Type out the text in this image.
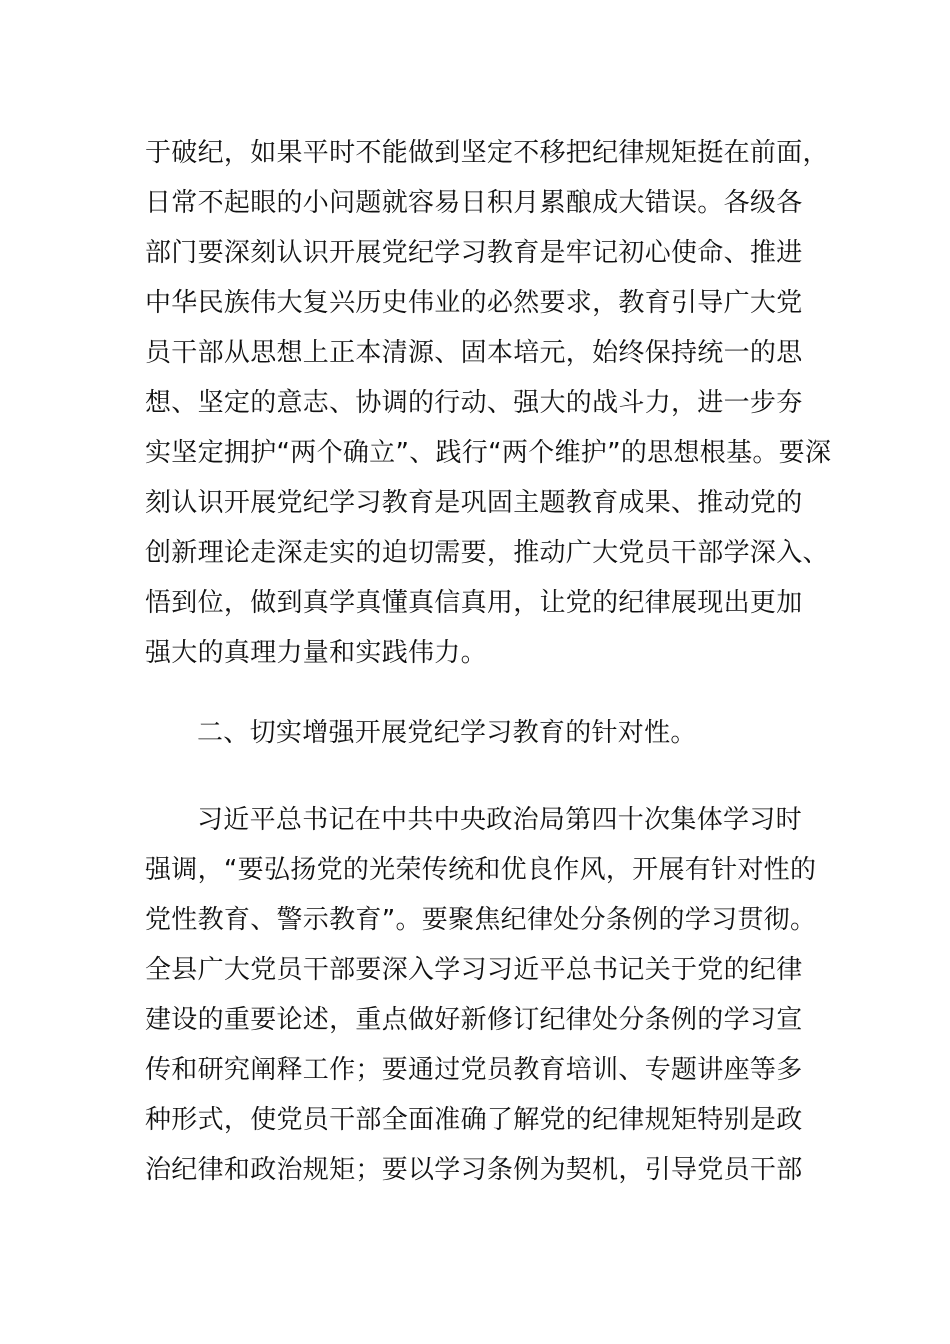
于破纪，如果平时不能做到坚定不移把纪律规矩挺在前面，
日常不起眼的小问题就容易日积月累酿成大错误。各级各
部门要深刻认识开展党纪学习教育是牢记初心使命、推进
中华民族伟大复兴历史伟业的必然要求，教育引导广大党
员干部从思想上正本清源、固本培元，始终保持统一的思
想、坚定的意志、协调的行动、强大的战斗力，进一步夯
实坚定拥护“两个确立”、践行“两个维护”的思想根基。要深
刻认识开展党纪学习教育是巩固主题教育成果、推动党的
创新理论走深走实的迫切需要，推动广大党员干部学深入、
悟到位，做到真学真懂真信真用，让党的纪律展现出更加
强大的真理力量和实践伟力。
二、切实增强开展党纪学习教育的针对性。
习近平总书记在中共中央政治局第四十次集体学习时
强调，“要弘扬党的光荣传统和优良作风，开展有针对性的
党性教育、警示教育”。要聚焦纪律处分条例的学习贯彻。
全县广大党员干部要深入学习习近平总书记关于党的纪律
建设的重要论述，重点做好新修订纪律处分条例的学习宣
传和研究阐释工作；要通过党员教育培训、专题讲座等多
种形式，使党员干部全面准确了解党的纪律规矩特别是政
治纪律和政治规矩；要以学习条例为契机，引导党员干部
